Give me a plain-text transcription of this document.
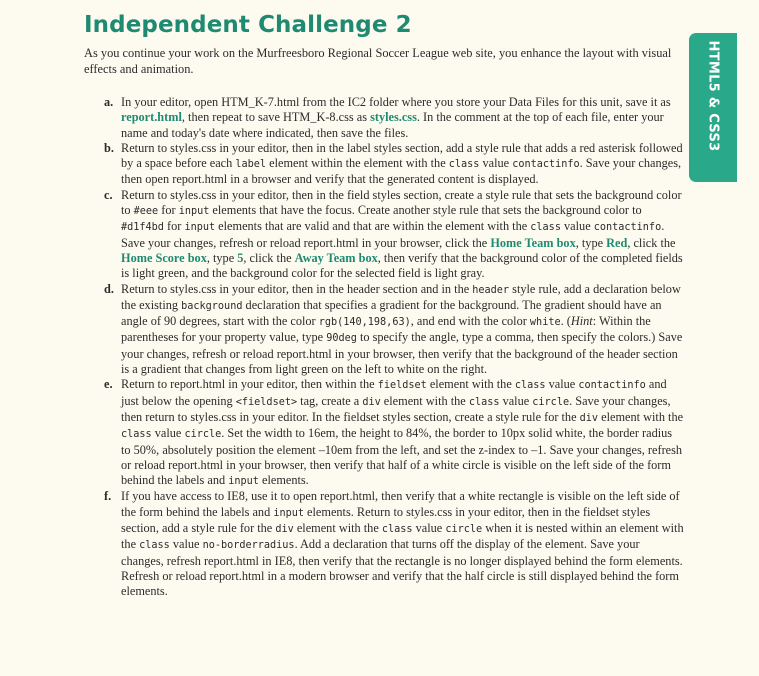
Independent Challenge 2

As you continue your work on the Murfreesboro Regional Soccer League web site, you enhance the layout with visual effects and animation.	HTML5 & CSS3
a. In your editor, open HTM_K-7.html from the IC2 folder where you store your Data Files for this unit, save it as report.html, then repeat to save HTM_K-8.css as styles.css. In the comment at the top of each file, enter your name and today's date where indicated, then save the files.
b. Return to styles.css in your editor, then in the label styles section, add a style rule that adds a red asterisk followed by a space before each label element within the element with the class value contactinfo. Save your changes, then open report.html in a browser and verify that the generated content is displayed.
c. Return to styles.css in your editor, then in the field styles section, create a style rule that sets the background color to #eee for input elements that have the focus. Create another style rule that sets the background color to #d1f4bd for input elements that are valid and that are within the element with the class value contactinfo. Save your changes, refresh or reload report.html in your browser, click the Home Team box, type Red, click the Home Score box, type 5, click the Away Team box, then verify that the background color of the completed fields is light green, and the background color for the selected field is light gray.
d. Return to styles.css in your editor, then in the header section and in the header style rule, add a declaration below the existing background declaration that specifies a gradient for the background. The gradient should have an angle of 90 degrees, start with the color rgb(140,198,63), and end with the color white. (Hint: Within the parentheses for your property value, type 90deg to specify the angle, type a comma, then specify the colors.) Save your changes, refresh or reload report.html in your browser, then verify that the background of the header section is a gradient that changes from light green on the left to white on the right.
e. Return to report.html in your editor, then within the fieldset element with the class value contactinfo and just below the opening <fieldset> tag, create a div element with the class value circle. Save your changes, then return to styles.css in your editor. In the fieldset styles section, create a style rule for the div element with the class value circle. Set the width to 16em, the height to 84%, the border to 10px solid white, the border radius to 50%, absolutely position the element –10em from the left, and set the z-index to –1. Save your changes, refresh or reload report.html in your browser, then verify that half of a white circle is visible on the left side of the form behind the labels and input elements.
f. If you have access to IE8, use it to open report.html, then verify that a white rectangle is visible on the left side of the form behind the labels and input elements. Return to styles.css in your editor, then in the fieldset styles section, add a style rule for the div element with the class value circle when it is nested within an element with the class value no-borderradius. Add a declaration that turns off the display of the element. Save your changes, refresh report.html in IE8, then verify that the rectangle is no longer displayed behind the form elements. Refresh or reload report.html in a modern browser and verify that the half circle is still displayed behind the form elements.
